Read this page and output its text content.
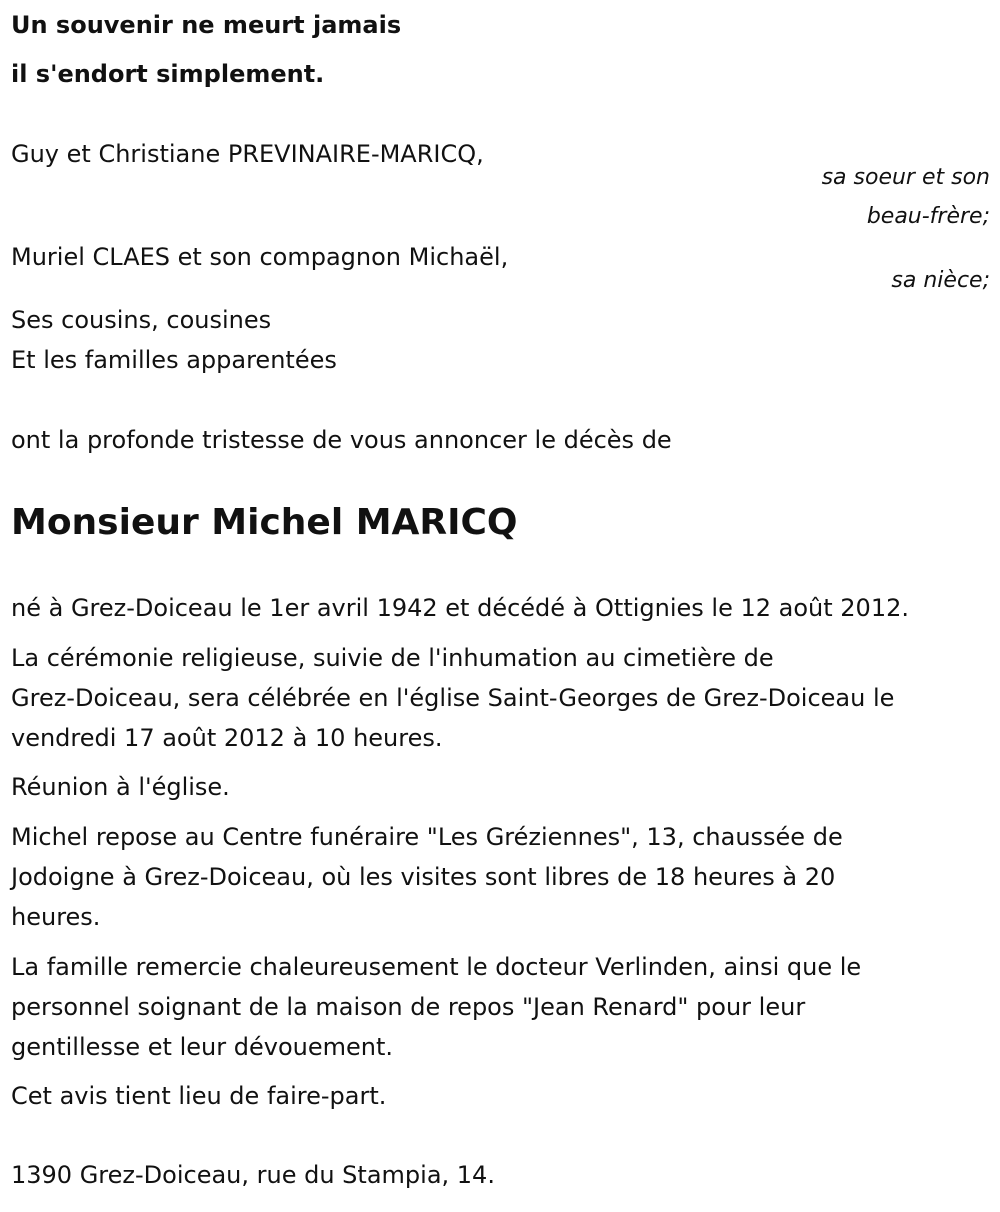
Un souvenir ne meurt jamais

il s'endort simplement.

Guy et Christiane PREVINAIRE-MARICQ,

sa soeur et son

beau-frère;

Muriel CLAES et son compagnon Michaël,

sa nièce;

Ses cousins, cousines

Et les familles apparentées

ont la profonde tristesse de vous annoncer le décès de

Monsieur Michel MARICQ

né à Grez-Doiceau le 1er avril 1942 et décédé à Ottignies le 12 août 2012.

La cérémonie religieuse, suivie de l'inhumation au cimetière de

Grez-Doiceau, sera célébrée en l'église Saint-Georges de Grez-Doiceau le

vendredi 17 août 2012 à 10 heures.

Réunion à l'église.

Michel repose au Centre funéraire "Les Gréziennes", 13, chaussée de

Jodoigne à Grez-Doiceau, où les visites sont libres de 18 heures à 20

heures.

La famille remercie chaleureusement le docteur Verlinden, ainsi que le

personnel soignant de la maison de repos "Jean Renard" pour leur

gentillesse et leur dévouement.

Cet avis tient lieu de faire-part.

1390 Grez-Doiceau, rue du Stampia, 14.
